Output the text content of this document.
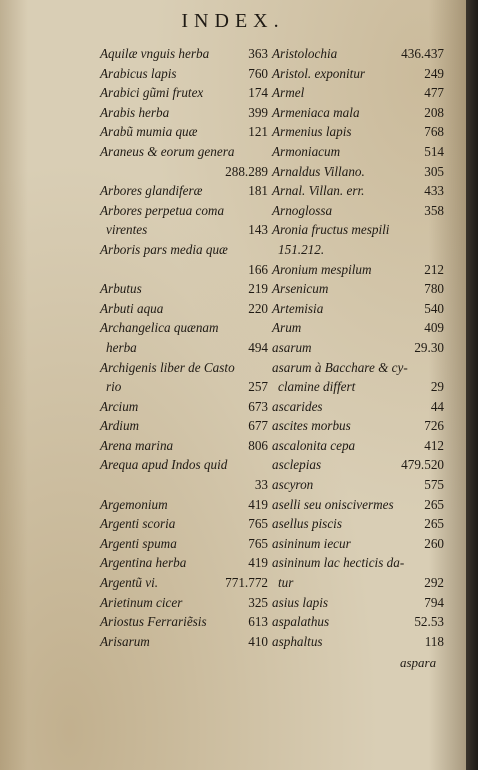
INDEX.
Aquilæ vnguis herba	363
Arabicus lapis	760
Arabici gũmi frutex	174
Arabis herba	399
Arabũ mumia quæ	121
Araneus & eorum genera
288.289
Arbores glandiferæ	181
Arbores perpetua coma
virentes	143
Arboris pars media quæ
166
Arbutus	219
Arbuti aqua	220
Archangelica quænam
herba	494
Archigenis liber de Casto
rio	257
Arcium	673
Ardium	677
Arena marina	806
Arequa apud Indos quid
33
Argemonium	419
Argenti scoria	765
Argenti spuma	765
Argentina herba	419
Argentũ vi.	771.772
Arietinum cicer	325
Ariostus Ferrariẽsis	613
Arisarum	410
Aristolochia	436.437
Aristol. exponitur	249
Armel	477
Armeniaca mala	208
Armenius lapis	768
Armoniacum	514
Arnaldus Villano.	305
Arnal. Villan. err.	433
Arnoglossa	358
Aronia fructus mespili
151.212.
Aronium mespilum	212
Arsenicum	780
Artemisia	540
Arum	409
asarum	29.30
asarum à Bacchare & cy-
clamine differt	29
ascarides	44
ascites morbus	726
ascalonita cepa	412
asclepias	479.520
ascyron	575
aselli seu oniscivermes 265
asellus piscis	265
asininum iecur	260
asininum lac hecticis da-
tur	292
asius lapis	794
aspalathus	52.53
asphaltus	118
aspara
